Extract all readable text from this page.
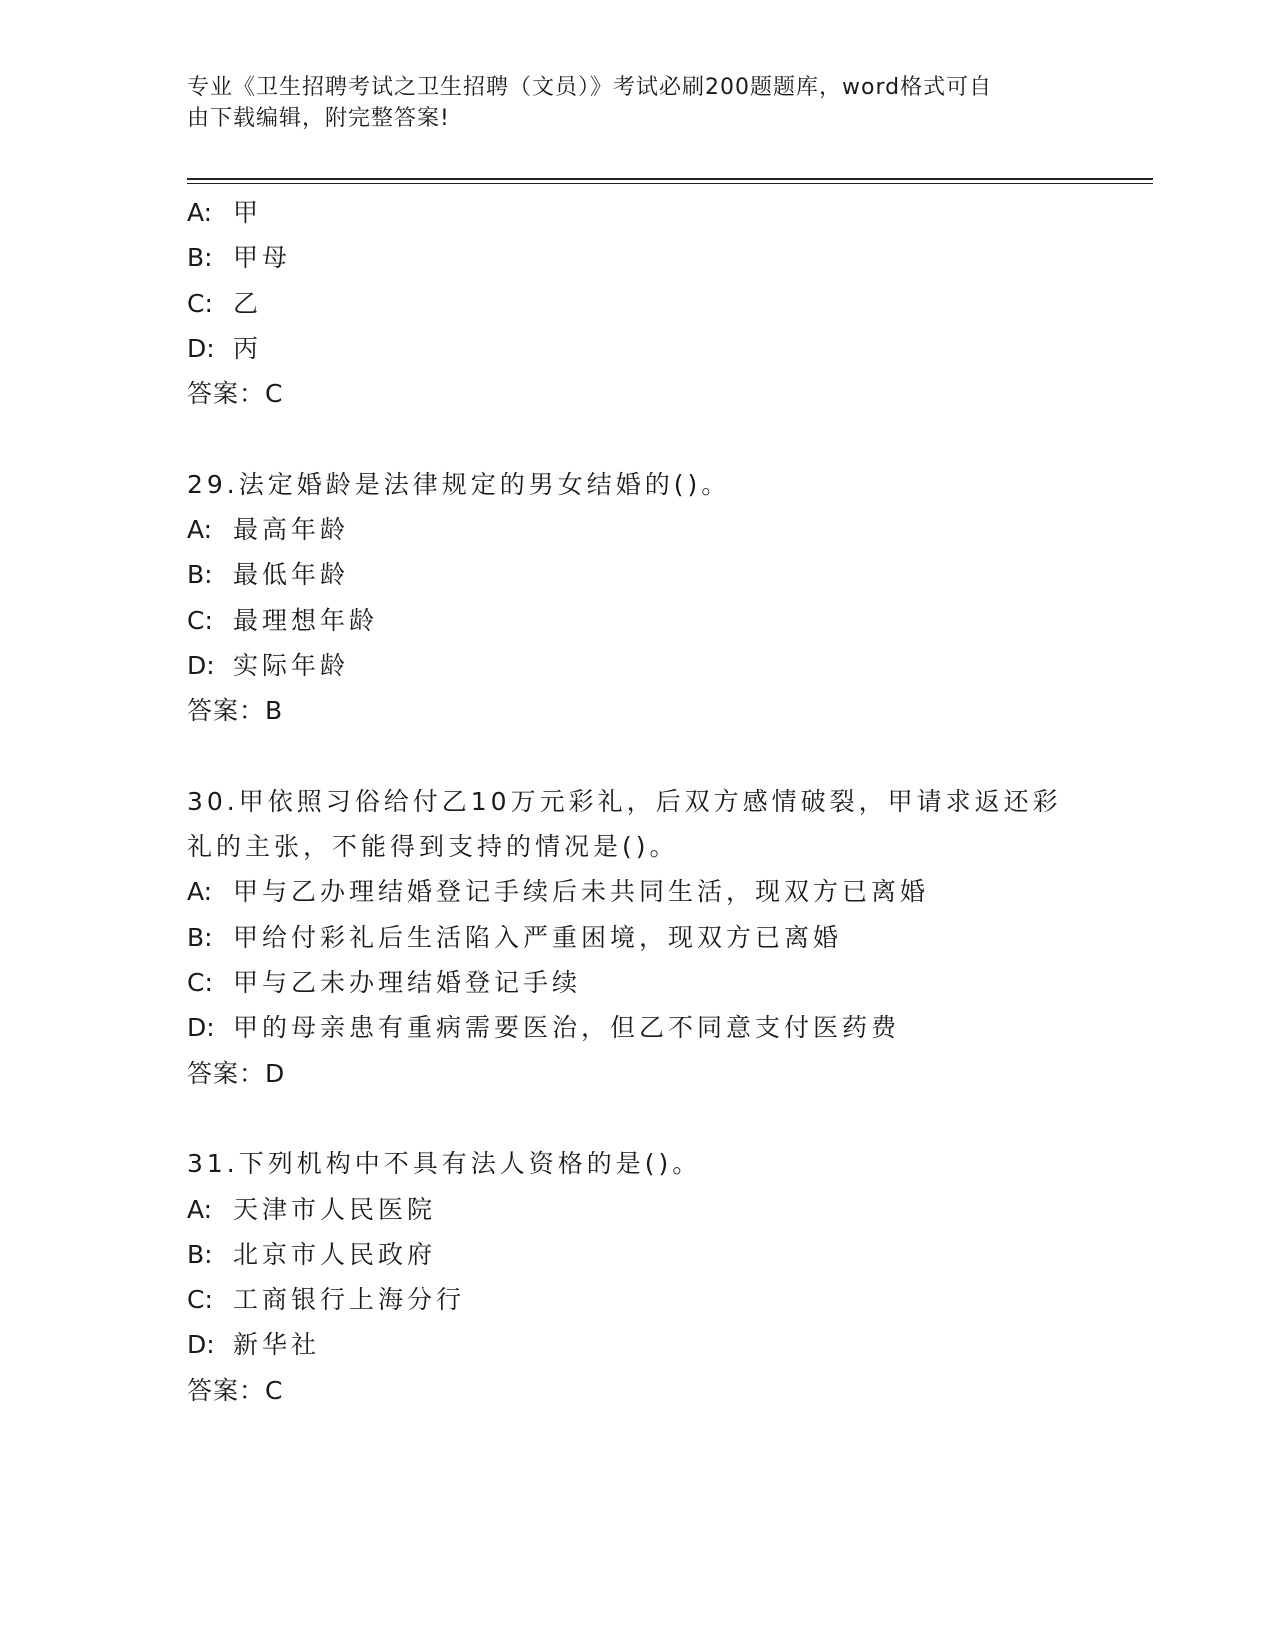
专业《卫生招聘考试之卫生招聘（文员）》考试必刷200题题库，word格式可自
由下载编辑，附完整答案!
A: 甲
B: 甲母
C: 乙
D: 丙
答案：C
29.法定婚龄是法律规定的男女结婚的()。
A: 最高年龄
B: 最低年龄
C: 最理想年龄
D: 实际年龄
答案：B
30.甲依照习俗给付乙10万元彩礼，后双方感情破裂，甲请求返还彩
礼的主张，不能得到支持的情况是()。
A: 甲与乙办理结婚登记手续后未共同生活，现双方已离婚
B: 甲给付彩礼后生活陷入严重困境，现双方已离婚
C: 甲与乙未办理结婚登记手续
D: 甲的母亲患有重病需要医治，但乙不同意支付医药费
答案：D
31.下列机构中不具有法人资格的是()。
A: 天津市人民医院
B: 北京市人民政府
C: 工商银行上海分行
D: 新华社
答案：C
